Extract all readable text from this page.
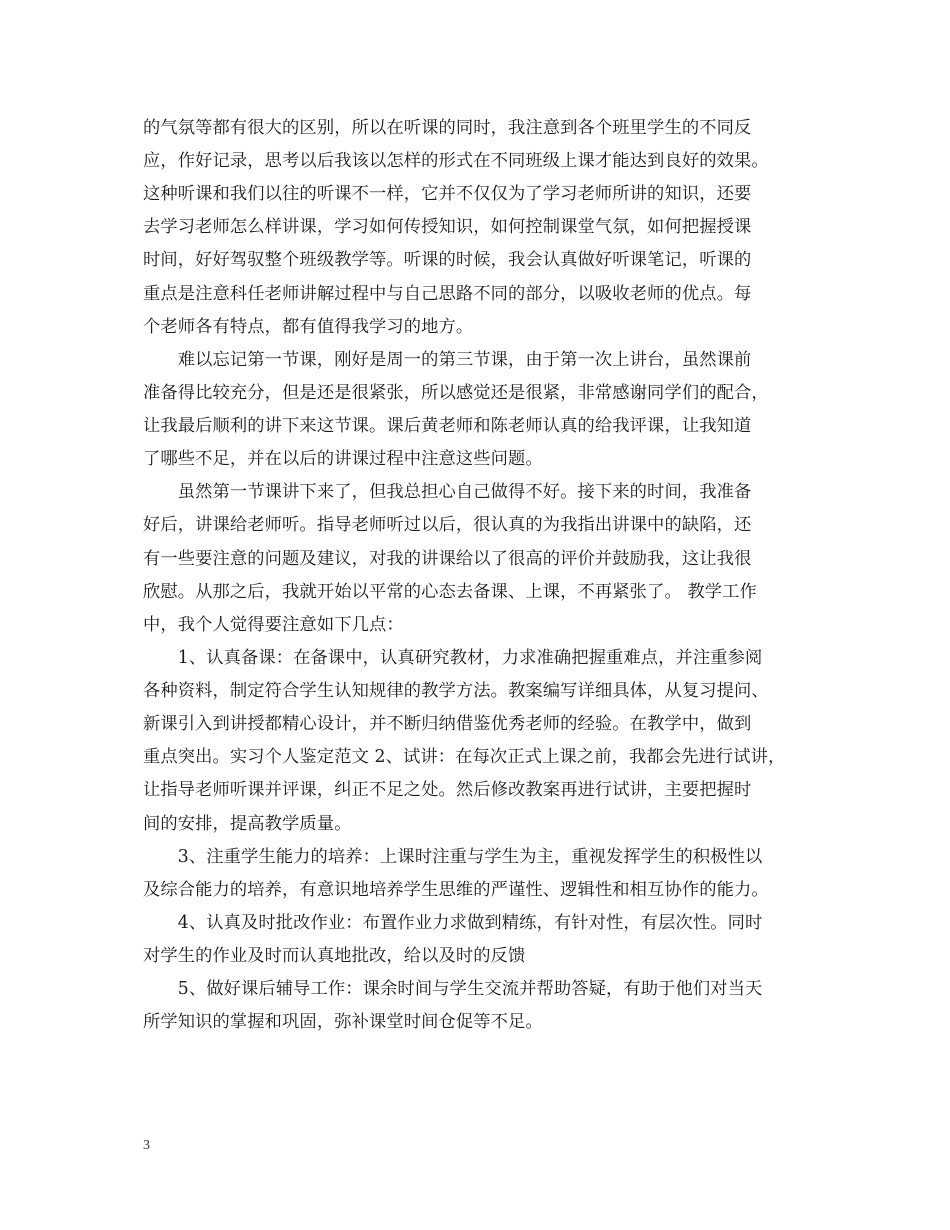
的气氛等都有很大的区别，所以在听课的同时，我注意到各个班里学生的不同反
应，作好记录，思考以后我该以怎样的形式在不同班级上课才能达到良好的效果。
这种听课和我们以往的听课不一样，它并不仅仅为了学习老师所讲的知识，还要
去学习老师怎么样讲课，学习如何传授知识，如何控制课堂气氛，如何把握授课
时间，好好驾驭整个班级教学等。听课的时候，我会认真做好听课笔记，听课的
重点是注意科任老师讲解过程中与自己思路不同的部分，以吸收老师的优点。每
个老师各有特点，都有值得我学习的地方。
　　难以忘记第一节课，刚好是周一的第三节课，由于第一次上讲台，虽然课前
准备得比较充分，但是还是很紧张，所以感觉还是很紧，非常感谢同学们的配合，
让我最后顺利的讲下来这节课。课后黄老师和陈老师认真的给我评课，让我知道
了哪些不足，并在以后的讲课过程中注意这些问题。
　　虽然第一节课讲下来了，但我总担心自己做得不好。接下来的时间，我准备
好后，讲课给老师听。指导老师听过以后，很认真的为我指出讲课中的缺陷，还
有一些要注意的问题及建议，对我的讲课给以了很高的评价并鼓励我，这让我很
欣慰。从那之后，我就开始以平常的心态去备课、上课，不再紧张了。 教学工作
中，我个人觉得要注意如下几点：
　　1、认真备课：在备课中，认真研究教材，力求准确把握重难点，并注重参阅
各种资料，制定符合学生认知规律的教学方法。教案编写详细具体，从复习提问、
新课引入到讲授都精心设计，并不断归纳借鉴优秀老师的经验。在教学中，做到
重点突出。实习个人鉴定范文 2、试讲：在每次正式上课之前，我都会先进行试讲，
让指导老师听课并评课，纠正不足之处。然后修改教案再进行试讲，主要把握时
间的安排，提高教学质量。
　　3、注重学生能力的培养：上课时注重与学生为主，重视发挥学生的积极性以
及综合能力的培养，有意识地培养学生思维的严谨性、逻辑性和相互协作的能力。
　　4、认真及时批改作业：布置作业力求做到精练，有针对性，有层次性。同时
对学生的作业及时而认真地批改，给以及时的反馈
　　5、做好课后辅导工作：课余时间与学生交流并帮助答疑，有助于他们对当天
所学知识的掌握和巩固，弥补课堂时间仓促等不足。
3
